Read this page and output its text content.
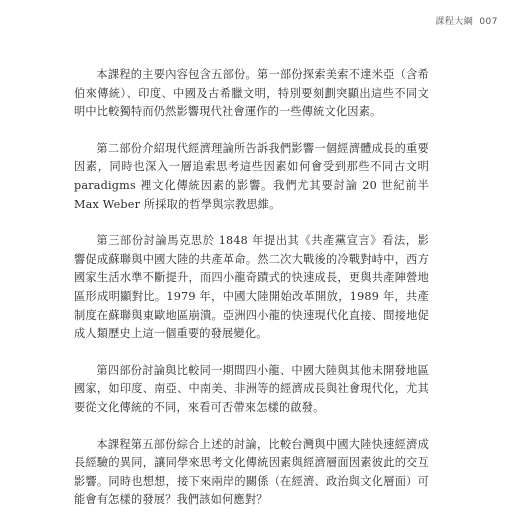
課程大綱 007

本課程的主要內容包含五部份。第一部份探索美索不達米亞（含希伯來傳統）、印度、中國及古希臘文明，特別要刻劃突顯出這些不同文明中比較獨特而仍然影響現代社會運作的一些傳統文化因素。

第二部份介紹現代經濟理論所告訴我們影響一個經濟體成長的重要因素，同時也深入一層追索思考這些因素如何會受到那些不同古文明 paradigms 裡文化傳統因素的影響。我們尤其要討論 20 世紀前半 Max Weber 所採取的哲學與宗教思維。

第三部份討論馬克思於 1848 年提出其《共產黨宣言》看法，影響促成蘇聯與中國大陸的共產革命。然二次大戰後的冷戰對峙中，西方國家生活水準不斷提升，而四小龍奇蹟式的快速成長，更與共產陣營地區形成明顯對比。1979 年，中國大陸開始改革開放，1989 年，共產制度在蘇聯與東歐地區崩潰。亞洲四小龍的快速現代化直接、間接地促成人類歷史上這一個重要的發展變化。

第四部份討論與比較同一期間四小龍、中國大陸與其他未開發地區國家，如印度、南亞、中南美、非洲等的經濟成長與社會現代化，尤其要從文化傳統的不同，來看可否帶來怎樣的啟發。

本課程第五部份綜合上述的討論，比較台灣與中國大陸快速經濟成長經驗的異同，讓同學來思考文化傳統因素與經濟層面因素彼此的交互影響。同時也想想，接下來兩岸的關係（在經濟、政治與文化層面）可能會有怎樣的發展？我們該如何應對？
